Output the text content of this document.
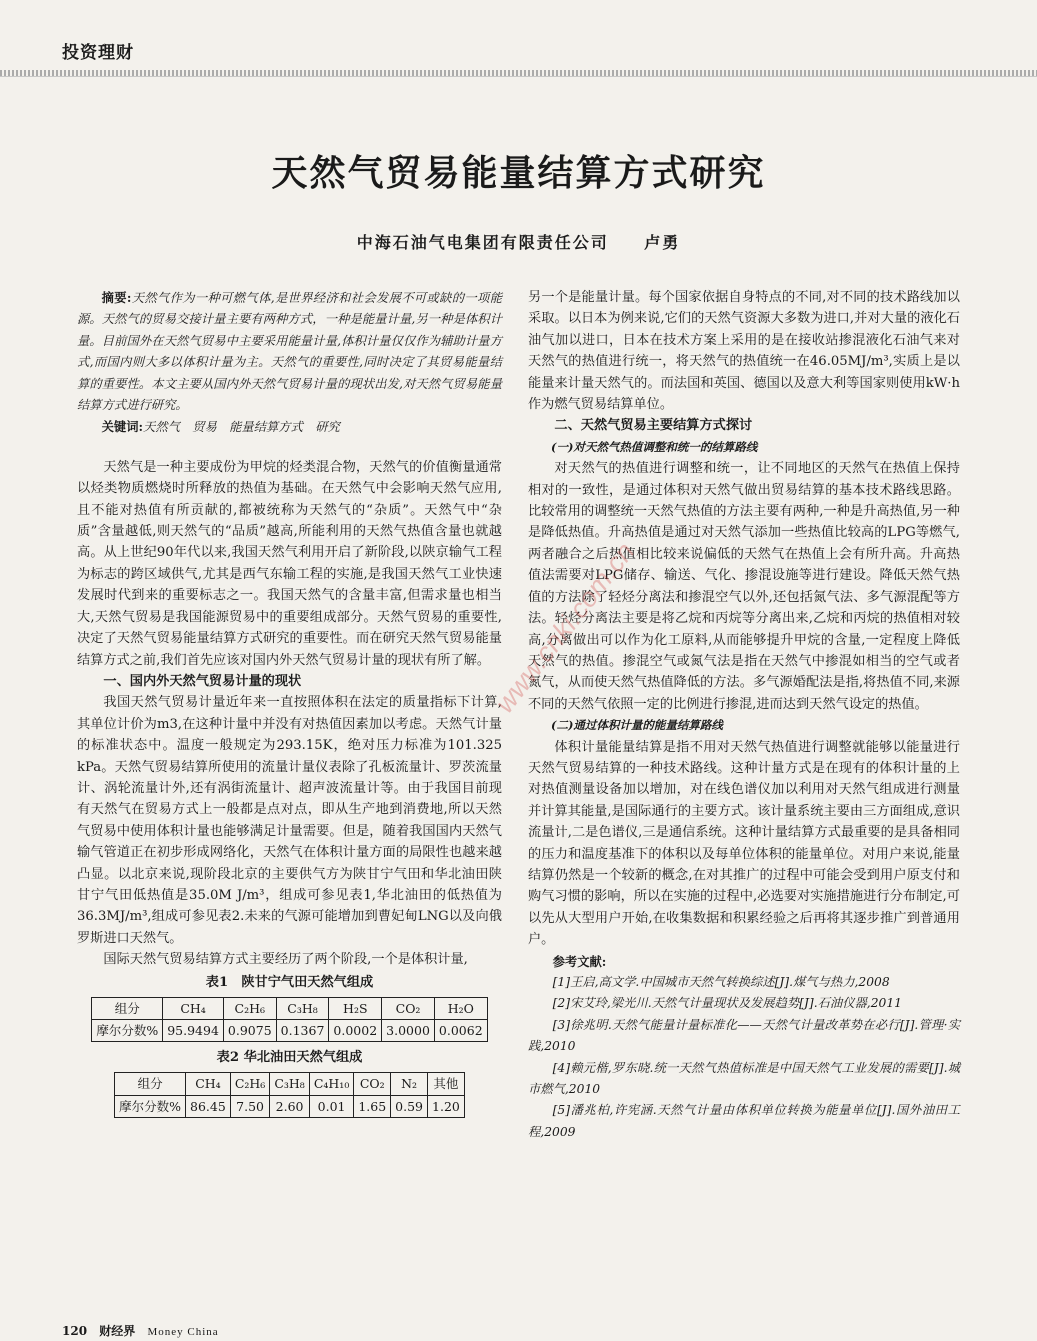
投资理财
天然气贸易能量结算方式研究
中海石油气电集团有限责任公司 卢勇

摘要:天然气作为一种可燃气体,是世界经济和社会发展不可或缺的一项能源。天然气的贸易交接计量主要有两种方式，一种是能量计量,另一种是体积计量。目前国外在天然气贸易中主要采用能量计量,体积计量仅仅作为辅助计量方式,而国内则大多以体积计量为主。天然气的重要性,同时决定了其贸易能量结算的重要性。本文主要从国内外天然气贸易计量的现状出发,对天然气贸易能量结算方式进行研究。

关键词:天然气　贸易　能量结算方式　研究

天然气是一种主要成份为甲烷的烃类混合物，天然气的价值衡量通常以烃类物质燃烧时所释放的热值为基础。在天然气中会影响天然气应用,且不能对热值有所贡献的,都被统称为天然气的“杂质”。天然气中“杂质”含量越低,则天然气的“品质”越高,所能利用的天然气热值含量也就越高。从上世纪90年代以来,我国天然气利用开启了新阶段,以陕京输气工程为标志的跨区域供气,尤其是西气东输工程的实施,是我国天然气工业快速发展时代到来的重要标志之一。我国天然气的含量丰富,但需求量也相当大,天然气贸易是我国能源贸易中的重要组成部分。天然气贸易的重要性,决定了天然气贸易能量结算方式研究的重要性。而在研究天然气贸易能量结算方式之前,我们首先应该对国内外天然气贸易计量的现状有所了解。

一、国内外天然气贸易计量的现状

我国天然气贸易计量近年来一直按照体积在法定的质量指标下计算,其单位计价为m3,在这种计量中并没有对热值因素加以考虑。天然气计量的标准状态中。温度一般规定为293.15K，绝对压力标准为101.325 kPa。天然气贸易结算所使用的流量计量仪表除了孔板流量计、罗茨流量计、涡轮流量计外,还有涡街流量计、超声波流量计等。由于我国目前现有天然气在贸易方式上一般都是点对点，即从生产地到消费地,所以天然气贸易中使用体积计量也能够满足计量需要。但是，随着我国国内天然气输气管道正在初步形成网络化，天然气在体积计量方面的局限性也越来越凸显。以北京来说,现阶段北京的主要供气方为陕甘宁气田和华北油田陕甘宁气田低热值是35.0M J/m³，组成可参见表1,华北油田的低热值为36.3MJ/m³,组成可参见表2.未来的气源可能增加到曹妃甸LNG以及向俄罗斯进口天然气。

国际天然气贸易结算方式主要经历了两个阶段,一个是体积计量,

表1　陕甘宁气田天然气组成
组分	CH₄	C₂H₆	C₃H₈	H₂S	CO₂	H₂O
摩尔分数%	95.9494	0.9075	0.1367	0.0002	3.0000	0.0062
表2 华北油田天然气组成
组分	CH₄	C₂H₆	C₃H₈	C₄H₁₀	CO₂	N₂	其他
摩尔分数%	86.45	7.50	2.60	0.01	1.65	0.59	1.20

另一个是能量计量。每个国家依据自身特点的不同,对不同的技术路线加以采取。以日本为例来说,它们的天然气资源大多数为进口,并对大量的液化石油气加以进口，日本在技术方案上采用的是在接收站掺混液化石油气来对天然气的热值进行统一，将天然气的热值统一在46.05MJ/m³,实质上是以能量来计量天然气的。而法国和英国、德国以及意大利等国家则使用kW·h作为燃气贸易结算单位。

二、天然气贸易主要结算方式探讨
(一)对天然气热值调整和统一的结算路线

对天然气的热值进行调整和统一，让不同地区的天然气在热值上保持相对的一致性，是通过体积对天然气做出贸易结算的基本技术路线思路。比较常用的调整统一天然气热值的方法主要有两种,一种是升高热值,另一种是降低热值。升高热值是通过对天然气添加一些热值比较高的LPG等燃气,两者融合之后热值相比较来说偏低的天然气在热值上会有所升高。升高热值法需要对LPG储存、输送、气化、掺混设施等进行建设。降低天然气热值的方法除了轻烃分离法和掺混空气以外,还包括氮气法、多气源混配等方法。轻烃分离法主要是将乙烷和丙烷等分离出来,乙烷和丙烷的热值相对较高,分离做出可以作为化工原料,从而能够提升甲烷的含量,一定程度上降低天然气的热值。掺混空气或氮气法是指在天然气中掺混如相当的空气或者氮气，从而使天然气热值降低的方法。多气源婚配法是指,将热值不同,来源不同的天然气依照一定的比例进行掺混,进而达到天然气设定的热值。

(二)通过体积计量的能量结算路线

体积计量能量结算是指不用对天然气热值进行调整就能够以能量进行天然气贸易结算的一种技术路线。这种计量方式是在现有的体积计量的上对热值测量设备加以增加，对在线色谱仪加以利用对天然气组成进行测量并计算其能量,是国际通行的主要方式。该计量系统主要由三方面组成,意识流量计,二是色谱仪,三是通信系统。这种计量结算方式最重要的是具备相同的压力和温度基准下的体积以及每单位体积的能量单位。对用户来说,能量结算仍然是一个较新的概念,在对其推广的过程中可能会受到用户原支付和购气习惯的影响，所以在实施的过程中,必选要对实施措施进行分布制定,可以先从大型用户开始,在收集数据和积累经验之后再将其逐步推广到普通用户。

参考文献:

[1]王启,高文学.中国城市天然气转换综述[J].煤气与热力,2008

[2]宋艾玲,梁光川.天然气计量现状及发展趋势[J].石油仪器,2011

[3]徐兆明.天然气能量计量标准化——天然气计量改革势在必行[J].管理·实践,2010

[4]赖元楷,罗东晓.统一天然气热值标准是中国天然气工业发展的需要[J].城市燃气,2010

[5]潘兆柏,许宪涵.天然气计量由体积单位转换为能量单位[J].国外油田工程,2009

www.cnki.com.cn
120 财经界 Money China
